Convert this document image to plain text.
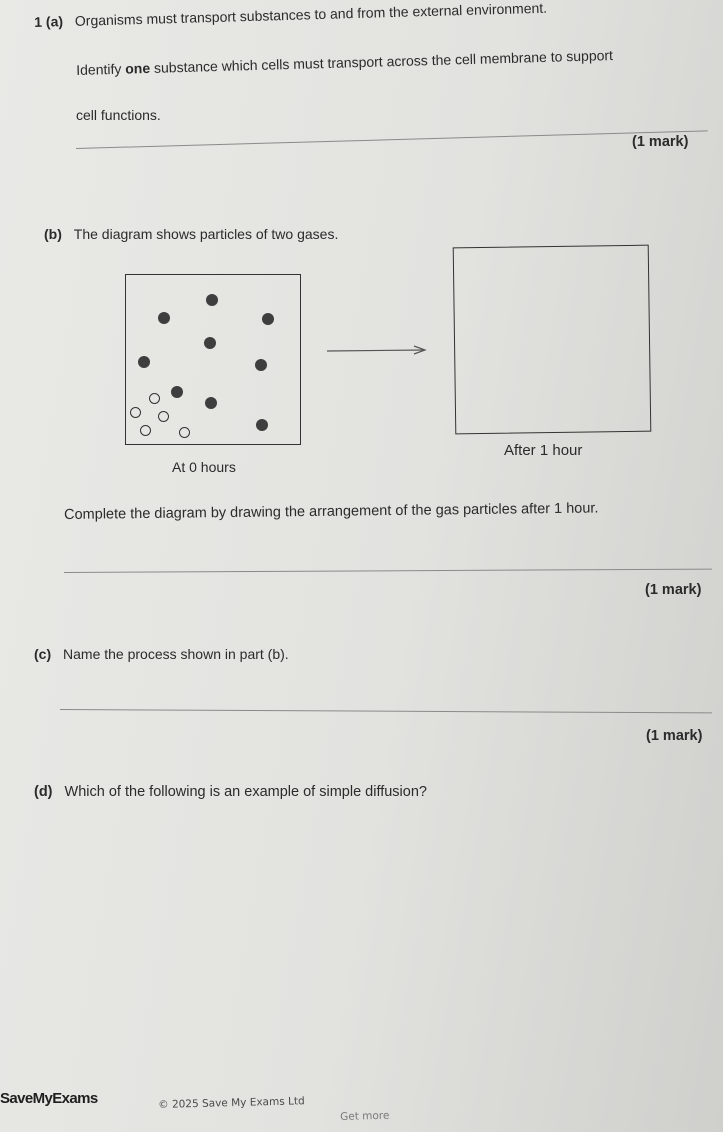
1 (a) Organisms must transport substances to and from the external environment.
Identify one substance which cells must transport across the cell membrane to support
cell functions.
(1 mark)
(b) The diagram shows particles of two gases.
At 0 hours
After 1 hour
Complete the diagram by drawing the arrangement of the gas particles after 1 hour.
(1 mark)
(c) Name the process shown in part (b).
(1 mark)
(d) Which of the following is an example of simple diffusion?
SaveMyExams	© 2025 Save My Exams Ltd
Get more
